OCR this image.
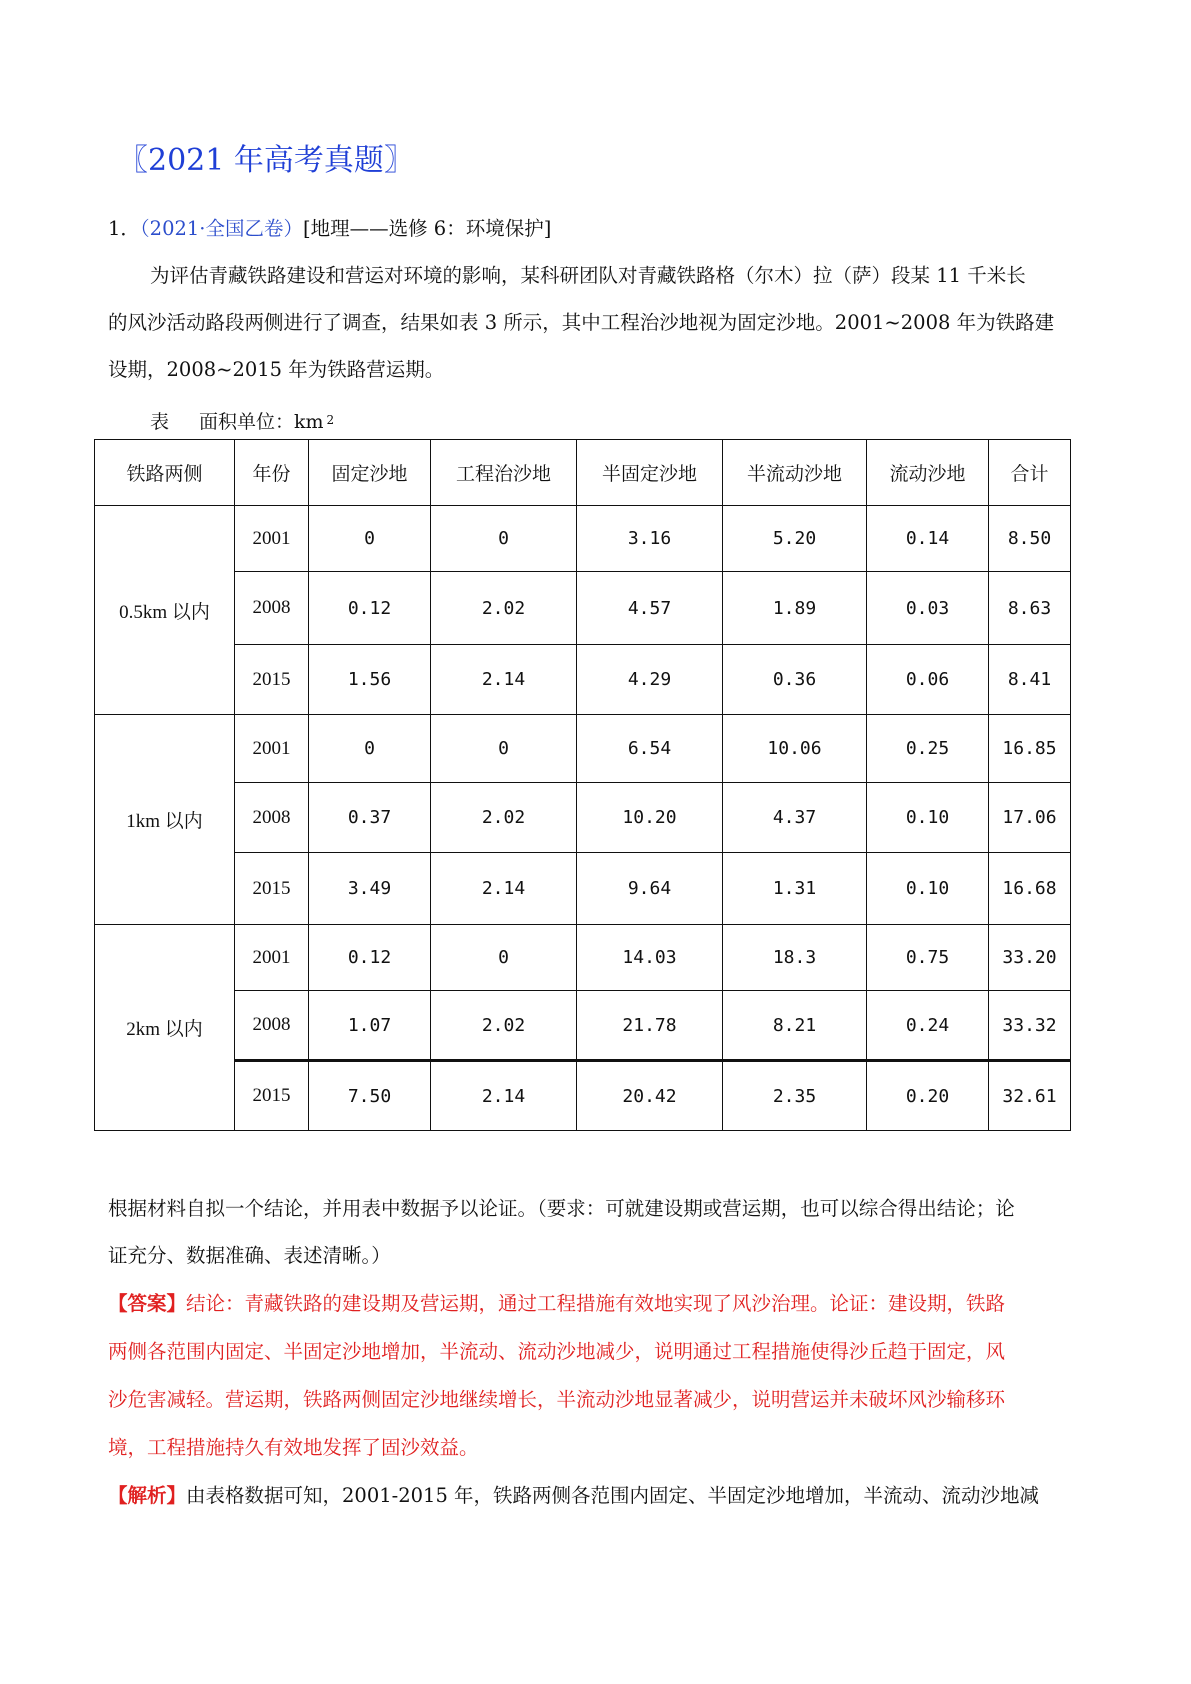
〖2021 年高考真题〗
1．（2021·全国乙卷）[地理——选修 6：环境保护]
为评估青藏铁路建设和营运对环境的影响，某科研团队对青藏铁路格（尔木）拉（萨）段某 11 千米长
的风沙活动路段两侧进行了调查，结果如表 3 所示，其中工程治沙地视为固定沙地。2001~2008 年为铁路建
设期，2008~2015 年为铁路营运期。
表 面积单位：km $^2$
铁路两侧	年份	固定沙地	工程治沙地	半固定沙地	半流动沙地	流动沙地	合计
0.5km 以内	2001	0	0	3.16	5.20	0.14	8.50
	2008	0.12	2.02	4.57	1.89	0.03	8.63
	2015	1.56	2.14	4.29	0.36	0.06	8.41
1km 以内	2001	0	0	6.54	10.06	0.25	16.85
	2008	0.37	2.02	10.20	4.37	0.10	17.06
	2015	3.49	2.14	9.64	1.31	0.10	16.68
2km 以内	2001	0.12	0	14.03	18.3	0.75	33.20
	2008	1.07	2.02	21.78	8.21	0.24	33.32
	2015	7.50	2.14	20.42	2.35	0.20	32.61
根据材料自拟一个结论，并用表中数据予以论证。（要求：可就建设期或营运期，也可以综合得出结论；论
证充分、数据准确、表述清晰。）
【答案】结论：青藏铁路的建设期及营运期，通过工程措施有效地实现了风沙治理。论证：建设期，铁路
两侧各范围内固定、半固定沙地增加，半流动、流动沙地减少，说明通过工程措施使得沙丘趋于固定，风
沙危害减轻。营运期，铁路两侧固定沙地继续增长，半流动沙地显著减少，说明营运并未破坏风沙输移环
境，工程措施持久有效地发挥了固沙效益。
【解析】由表格数据可知，2001-2015 年，铁路两侧各范围内固定、半固定沙地增加，半流动、流动沙地减
